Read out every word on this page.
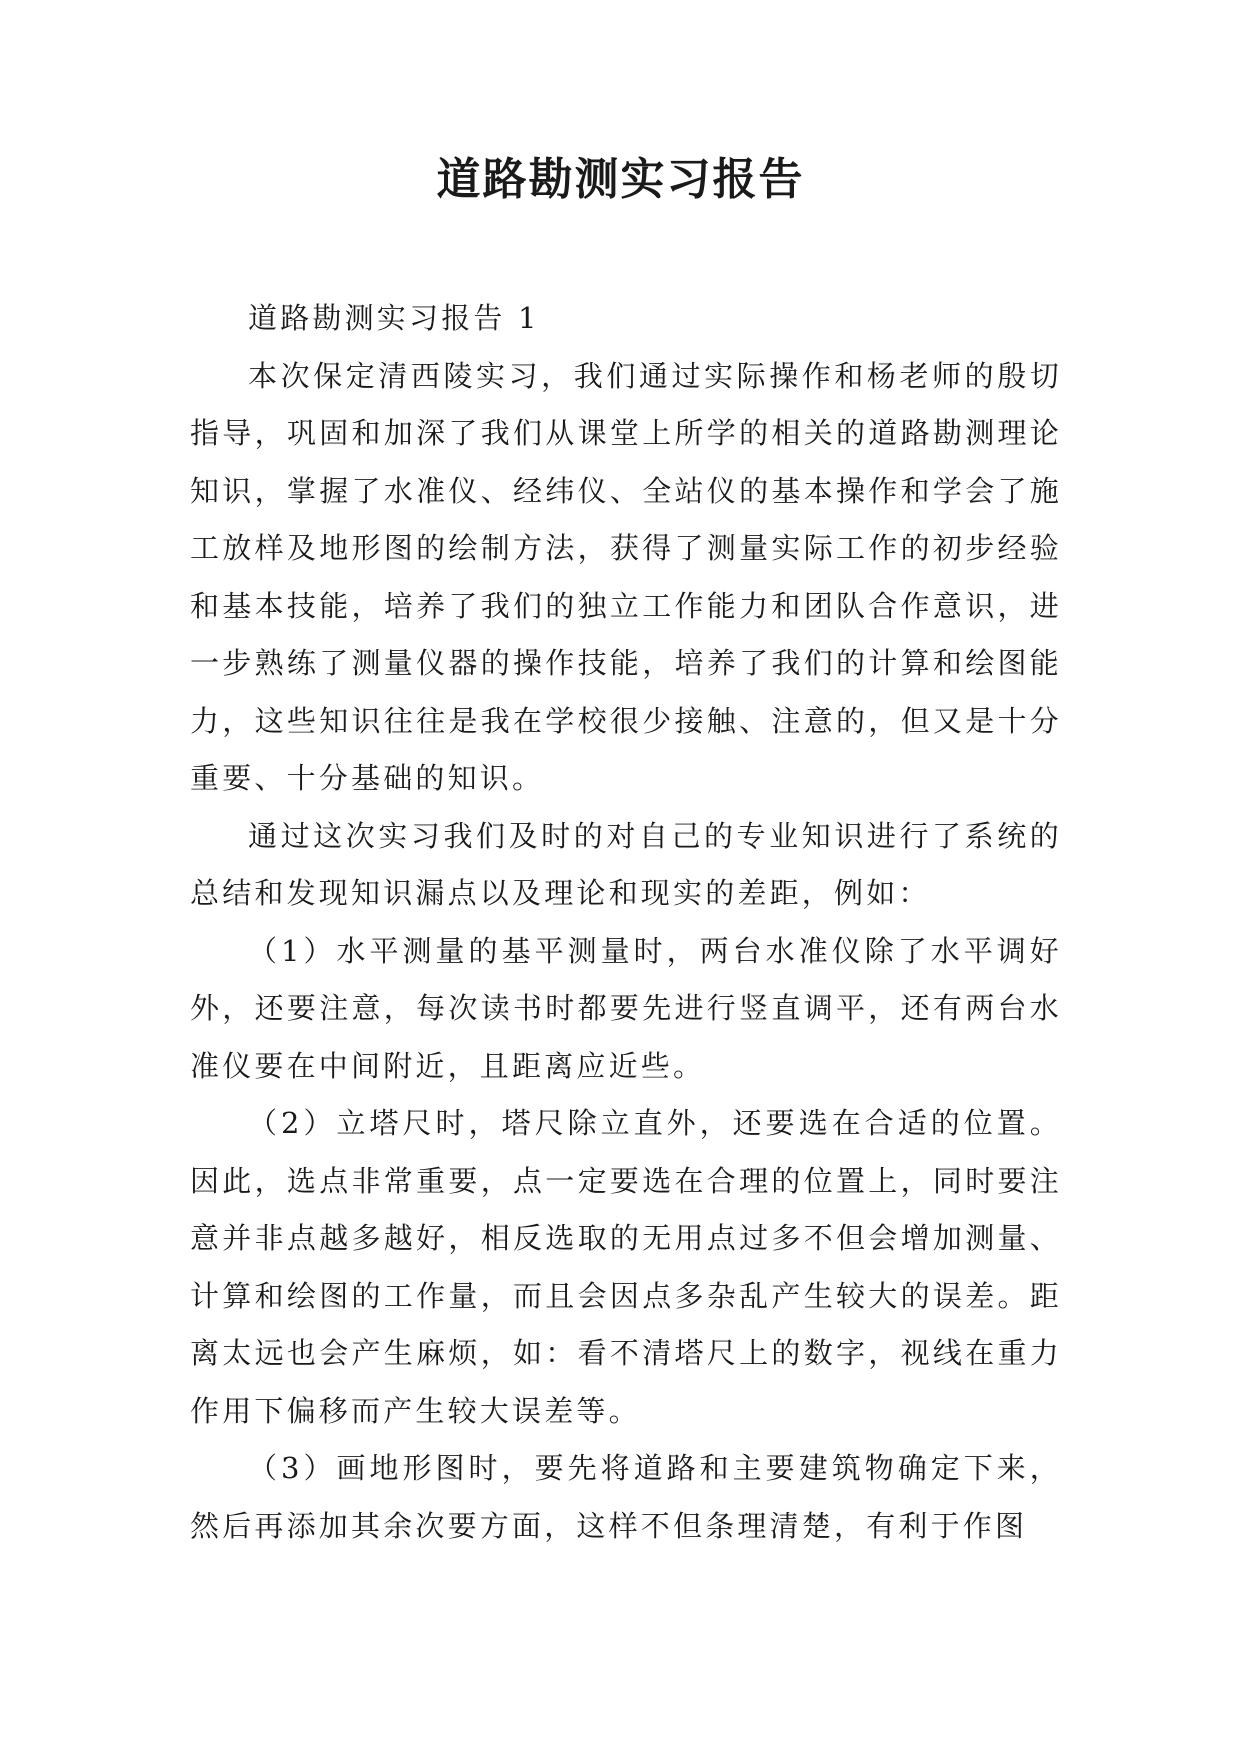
道路勘测实习报告

道路勘测实习报告 1

本次保定清西陵实习，我们通过实际操作和杨老师的殷切指导，巩固和加深了我们从课堂上所学的相关的道路勘测理论知识，掌握了水准仪、经纬仪、全站仪的基本操作和学会了施工放样及地形图的绘制方法，获得了测量实际工作的初步经验和基本技能，培养了我们的独立工作能力和团队合作意识，进一步熟练了测量仪器的操作技能，培养了我们的计算和绘图能力，这些知识往往是我在学校很少接触、注意的，但又是十分重要、十分基础的知识。

通过这次实习我们及时的对自己的专业知识进行了系统的总结和发现知识漏点以及理论和现实的差距，例如：

（1）水平测量的基平测量时，两台水准仪除了水平调好外，还要注意，每次读书时都要先进行竖直调平，还有两台水准仪要在中间附近，且距离应近些。

（2）立塔尺时，塔尺除立直外，还要选在合适的位置。因此，选点非常重要，点一定要选在合理的位置上，同时要注意并非点越多越好，相反选取的无用点过多不但会增加测量、计算和绘图的工作量，而且会因点多杂乱产生较大的误差。距离太远也会产生麻烦，如：看不清塔尺上的数字，视线在重力作用下偏移而产生较大误差等。

（3）画地形图时，要先将道路和主要建筑物确定下来，然后再添加其余次要方面，这样不但条理清楚，有利于作图
